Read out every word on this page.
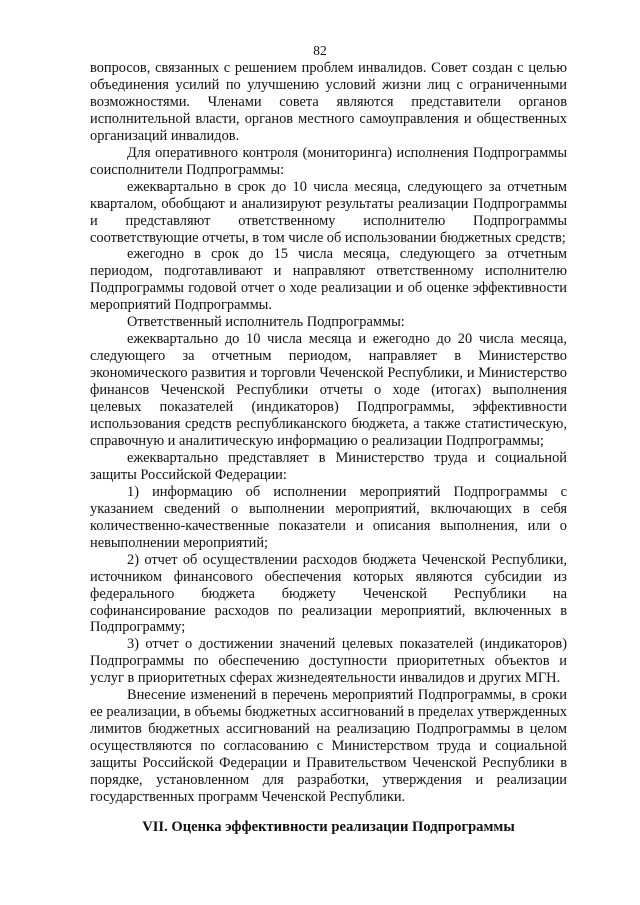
82

вопросов, связанных с решением проблем инвалидов. Совет создан с целью объединения усилий по улучшению условий жизни лиц с ограниченными возможностями. Членами совета являются представители органов исполнительной власти, органов местного самоуправления и общественных организаций инвалидов.

Для оперативного контроля (мониторинга) исполнения Подпрограммы соисполнители Подпрограммы:

ежеквартально в срок до 10 числа месяца, следующего за отчетным кварталом, обобщают и анализируют результаты реализации Подпрограммы и представляют ответственному исполнителю Подпрограммы соответствующие отчеты, в том числе об использовании бюджетных средств;

ежегодно в срок до 15 числа месяца, следующего за отчетным периодом, подготавливают и направляют ответственному исполнителю Подпрограммы годовой отчет о ходе реализации и об оценке эффективности мероприятий Подпрограммы.

Ответственный исполнитель Подпрограммы:

ежеквартально до 10 числа месяца и ежегодно до 20 числа месяца, следующего за отчетным периодом, направляет в Министерство экономического развития и торговли Чеченской Республики, и Министерство финансов Чеченской Республики отчеты о ходе (итогах) выполнения целевых показателей (индикаторов) Подпрограммы, эффективности использования средств республиканского бюджета, а также статистическую, справочную и аналитическую информацию о реализации Подпрограммы;

ежеквартально представляет в Министерство труда и социальной защиты Российской Федерации:

1) информацию об исполнении мероприятий Подпрограммы с указанием сведений о выполнении мероприятий, включающих в себя количественно-качественные показатели и описания выполнения, или о невыполнении мероприятий;

2) отчет об осуществлении расходов бюджета Чеченской Республики, источником финансового обеспечения которых являются субсидии из федерального бюджета бюджету Чеченской Республики на софинансирование расходов по реализации мероприятий, включенных в Подпрограмму;

3) отчет о достижении значений целевых показателей (индикаторов) Подпрограммы по обеспечению доступности приоритетных объектов и услуг в приоритетных сферах жизнедеятельности инвалидов и других МГН.

Внесение изменений в перечень мероприятий Подпрограммы, в сроки ее реализации, в объемы бюджетных ассигнований в пределах утвержденных лимитов бюджетных ассигнований на реализацию Подпрограммы в целом осуществляются по согласованию с Министерством труда и социальной защиты Российской Федерации и Правительством Чеченской Республики в порядке, установленном для разработки, утверждения и реализации государственных программ Чеченской Республики.

VII. Оценка эффективности реализации Подпрограммы
